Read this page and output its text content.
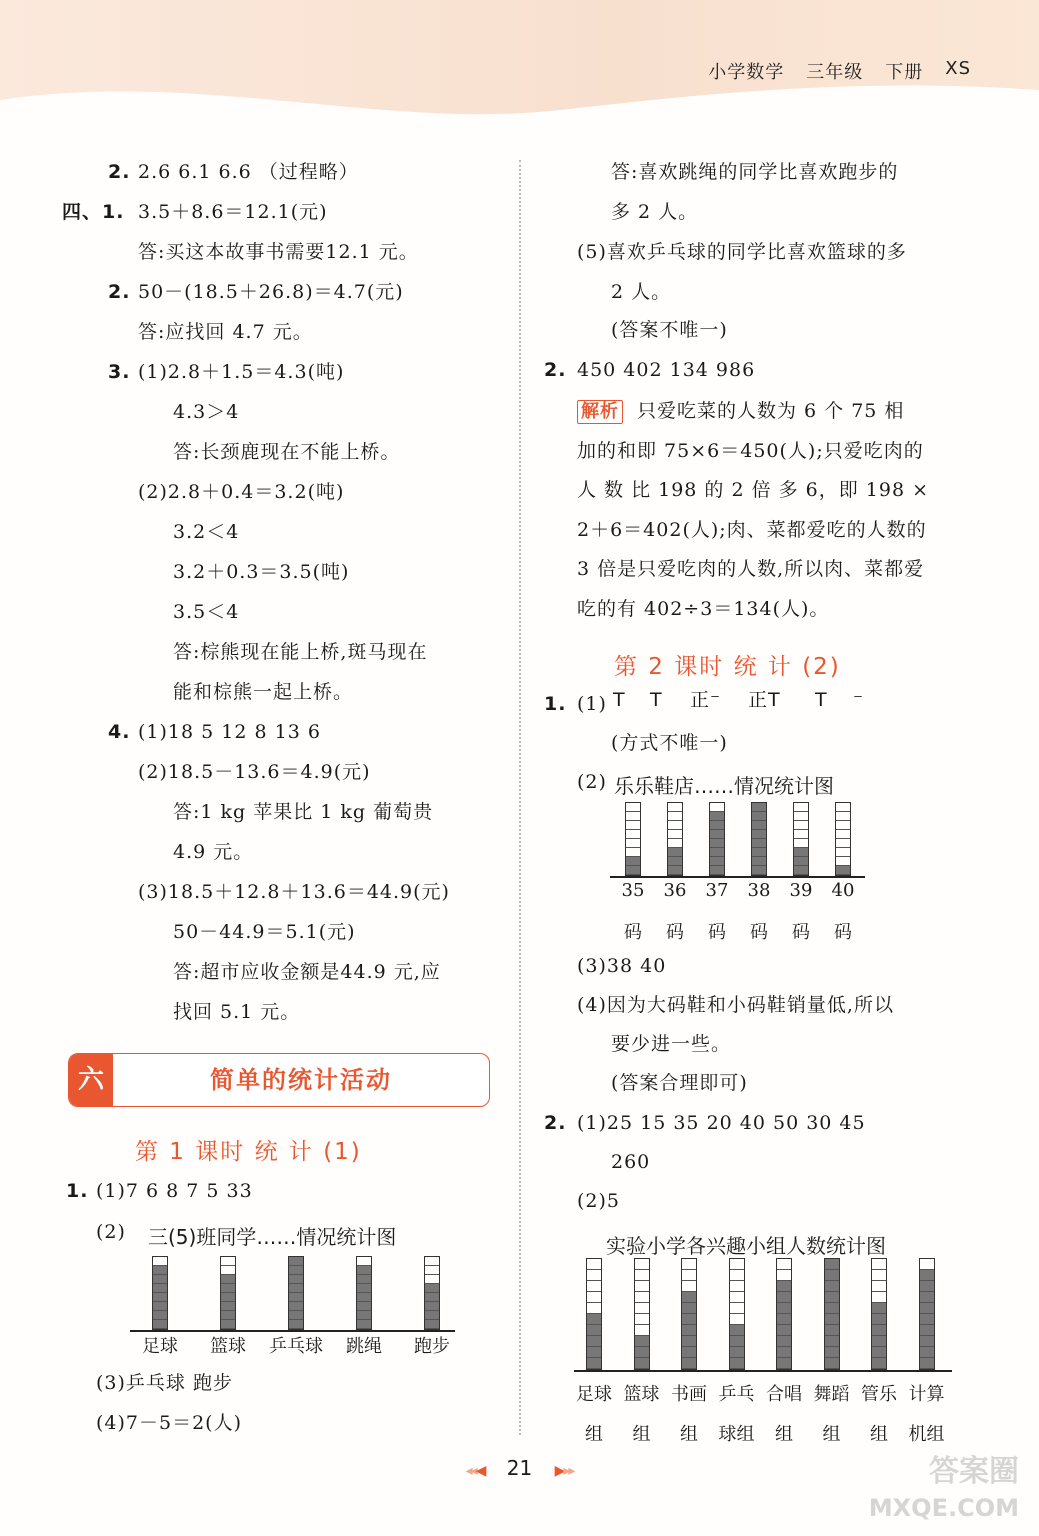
小学数学 三年级 下册 XS
2. 2.6 6.1 6.6 （过程略）
四、1. 3.5＋8.6＝12.1(元)
答:买这本故事书需要12.1 元。
2. 50－(18.5＋26.8)＝4.7(元)
答:应找回 4.7 元。
3. (1)2.8＋1.5＝4.3(吨)
4.3＞4
答:长颈鹿现在不能上桥。
(2)2.8＋0.4＝3.2(吨)
3.2＜4
3.2＋0.3＝3.5(吨)
3.5＜4
答:棕熊现在能上桥,斑马现在
能和棕熊一起上桥。
4. (1)18 5 12 8 13 6
(2)18.5－13.6＝4.9(元)
答:1 kg 苹果比 1 kg 葡萄贵
4.9 元。
(3)18.5＋12.8＋13.6＝44.9(元)
50－44.9＝5.1(元)
答:超市应收金额是44.9 元,应
找回 5.1 元。
六	简单的统计活动
第 1 课时 统 计 (1)
1. (1)7 6 8 7 5 33
(2) 三(5)班同学……情况统计图
足球	篮球	乒乓球	跳绳	跑步
(3)乒乓球 跑步
(4)7－5＝2(人)
答:喜欢跳绳的同学比喜欢跑步的
多 2 人。
(5)喜欢乒乓球的同学比喜欢篮球的多
2 人。
(答案不唯一)
2. 450 402 134 986
解析 只爱吃菜的人数为 6 个 75 相
加的和即 75×6＝450(人);只爱吃肉的
人 数 比 198 的 2 倍 多 6，即 198 ×
2＋6＝402(人);肉、菜都爱吃的人数的
3 倍是只爱吃肉的人数,所以肉、菜都爱
吃的有 402÷3＝134(人)。
第 2 课时 统 计 (2)
1. (1) T T 正⁻ 正T T ⁻
(方式不唯一)
(2) 乐乐鞋店……情况统计图
35
码
36
码
37
码
38
码
39
码
40
码
(3)38 40
(4)因为大码鞋和小码鞋销量低,所以
要少进一些。
(答案合理即可)
2. (1)25 15 35 20 40 50 30 45
260
(2)5
实验小学各兴趣小组人数统计图
足球
组
篮球
组
书画
组
乒乓
球组
合唱
组
舞蹈
组
管乐
组
计算
机组
◂◂◀ 21 ▶▸▸	答案圈
MXQE.COM
